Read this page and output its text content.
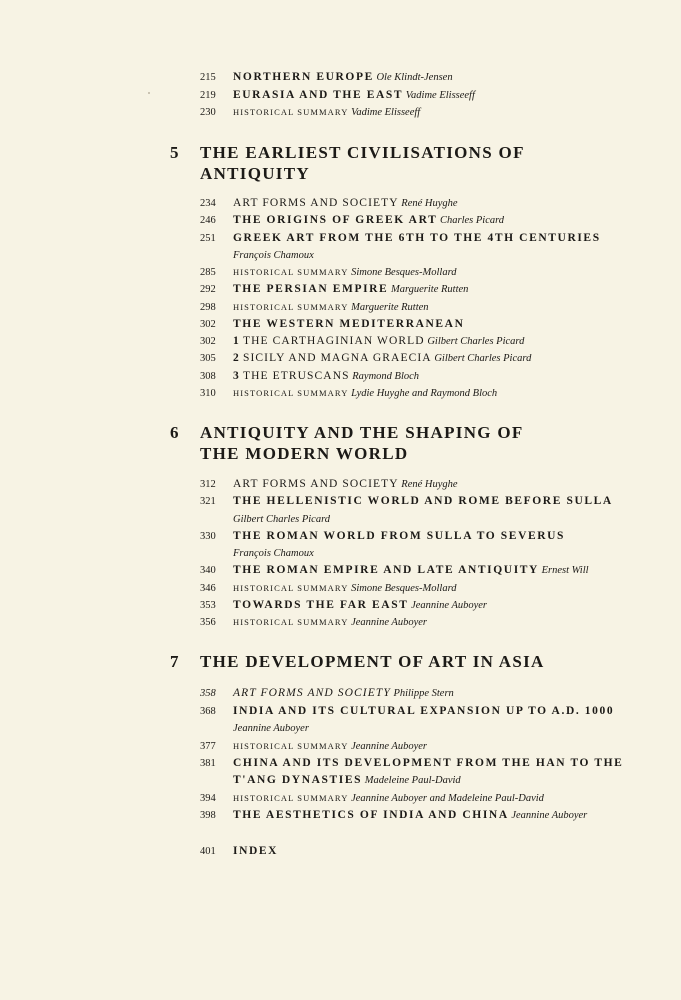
215	NORTHERN EUROPE Ole Klindt-Jensen
219	EURASIA AND THE EAST Vadime Elisseeff
230	HISTORICAL SUMMARY Vadime Elisseeff
5 THE EARLIEST CIVILISATIONS OF
ANTIQUITY
234	ART FORMS AND SOCIETY René Huyghe
246	THE ORIGINS OF GREEK ART Charles Picard
251	GREEK ART FROM THE 6TH TO THE 4TH CENTURIES
François Chamoux
285	HISTORICAL SUMMARY Simone Besques-Mollard
292	THE PERSIAN EMPIRE Marguerite Rutten
298	HISTORICAL SUMMARY Marguerite Rutten
302	THE WESTERN MEDITERRANEAN
302	1 THE CARTHAGINIAN WORLD Gilbert Charles Picard
305	2 SICILY AND MAGNA GRAECIA Gilbert Charles Picard
308	3 THE ETRUSCANS Raymond Bloch
310	HISTORICAL SUMMARY Lydie Huyghe and Raymond Bloch
6 ANTIQUITY AND THE SHAPING OF
THE MODERN WORLD
312	ART FORMS AND SOCIETY René Huyghe
321	THE HELLENISTIC WORLD AND ROME BEFORE SULLA
Gilbert Charles Picard
330	THE ROMAN WORLD FROM SULLA TO SEVERUS
François Chamoux
340	THE ROMAN EMPIRE AND LATE ANTIQUITY Ernest Will
346	HISTORICAL SUMMARY Simone Besques-Mollard
353	TOWARDS THE FAR EAST Jeannine Auboyer
356	HISTORICAL SUMMARY Jeannine Auboyer
7 THE DEVELOPMENT OF ART IN ASIA
358	ART FORMS AND SOCIETY Philippe Stern
368	INDIA AND ITS CULTURAL EXPANSION UP TO A.D. 1000
Jeannine Auboyer
377	HISTORICAL SUMMARY Jeannine Auboyer
381	CHINA AND ITS DEVELOPMENT FROM THE HAN TO THE
T'ANG DYNASTIES Madeleine Paul-David
394	HISTORICAL SUMMARY Jeannine Auboyer and Madeleine Paul-David
398	THE AESTHETICS OF INDIA AND CHINA Jeannine Auboyer
401	INDEX
